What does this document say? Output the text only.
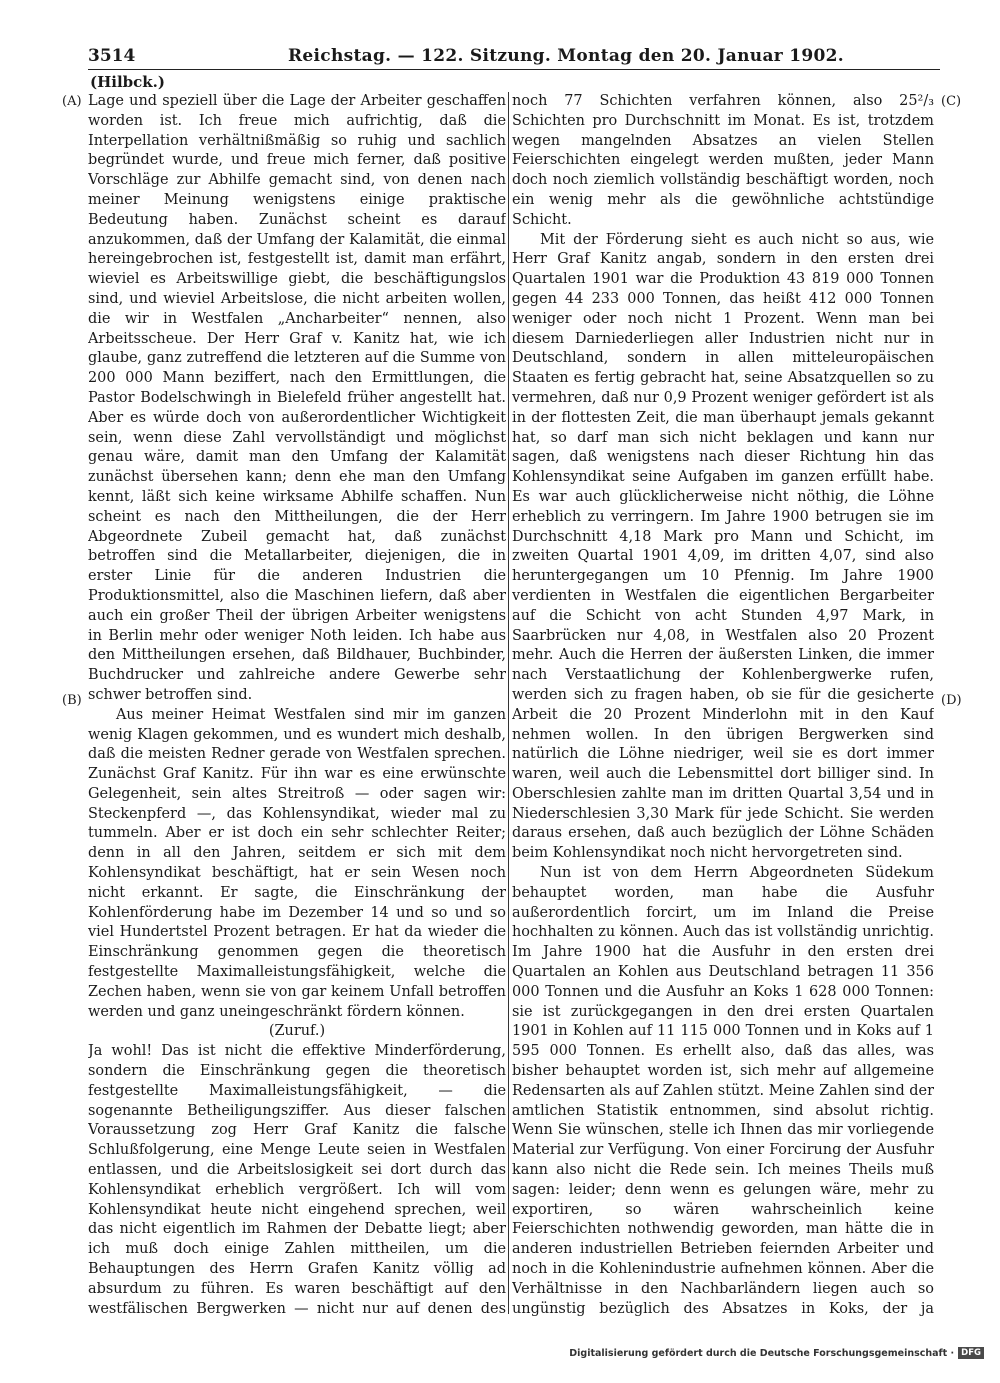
3514	Reichstag. — 122. Sitzung. Montag den 20. Januar 1902.
(Hilbck.)
(A)
(B)
(C)
(D)

Lage und speziell über die Lage der Arbeiter geschaffen worden ist. Ich freue mich aufrichtig, daß die Interpellation verhältnißmäßig so ruhig und sachlich begründet wurde, und freue mich ferner, daß positive Vorschläge zur Abhilfe gemacht sind, von denen nach meiner Meinung wenigstens einige praktische Bedeutung haben. Zunächst scheint es darauf anzukommen, daß der Umfang der Kalamität, die einmal hereingebrochen ist, festgestellt ist, damit man erfährt, wieviel es Arbeitswillige giebt, die beschäftigungslos sind, und wieviel Arbeitslose, die nicht arbeiten wollen, die wir in Westfalen „Ancharbeiter“ nennen, also Arbeitsscheue. Der Herr Graf v. Kanitz hat, wie ich glaube, ganz zutreffend die letzteren auf die Summe von 200 000 Mann beziffert, nach den Ermittlungen, die Pastor Bodelschwingh in Bielefeld früher angestellt hat. Aber es würde doch von außerordentlicher Wichtigkeit sein, wenn diese Zahl vervollständigt und möglichst genau wäre, damit man den Umfang der Kalamität zunächst übersehen kann; denn ehe man den Umfang kennt, läßt sich keine wirksame Abhilfe schaffen. Nun scheint es nach den Mittheilungen, die der Herr Abgeordnete Zubeil gemacht hat, daß zunächst betroffen sind die Metallarbeiter, diejenigen, die in erster Linie für die anderen Industrien die Produktionsmittel, also die Maschinen liefern, daß aber auch ein großer Theil der übrigen Arbeiter wenigstens in Berlin mehr oder weniger Noth leiden. Ich habe aus den Mittheilungen ersehen, daß Bildhauer, Buchbinder, Buchdrucker und zahlreiche andere Gewerbe sehr schwer betroffen sind.

Aus meiner Heimat Westfalen sind mir im ganzen wenig Klagen gekommen, und es wundert mich deshalb, daß die meisten Redner gerade von Westfalen sprechen. Zunächst Graf Kanitz. Für ihn war es eine erwünschte Gelegenheit, sein altes Streitroß — oder sagen wir: Steckenpferd —, das Kohlensyndikat, wieder mal zu tummeln. Aber er ist doch ein sehr schlechter Reiter; denn in all den Jahren, seitdem er sich mit dem Kohlensyndikat beschäftigt, hat er sein Wesen noch nicht erkannt. Er sagte, die Einschränkung der Kohlenförderung habe im Dezember 14 und so und so viel Hundertstel Prozent betragen. Er hat da wieder die Einschränkung genommen gegen die theoretisch festgestellte Maximalleistungsfähigkeit, welche die Zechen haben, wenn sie von gar keinem Unfall betroffen werden und ganz uneingeschränkt fördern können.

(Zuruf.)

Ja wohl! Das ist nicht die effektive Minderförderung, sondern die Einschränkung gegen die theoretisch festgestellte Maximalleistungsfähigkeit, — die sogenannte Betheiligungsziffer. Aus dieser falschen Voraussetzung zog Herr Graf Kanitz die falsche Schlußfolgerung, eine Menge Leute seien in Westfalen entlassen, und die Arbeitslosigkeit sei dort durch das Kohlensyndikat erheblich vergrößert. Ich will vom Kohlensyndikat heute nicht eingehend sprechen, weil das nicht eigentlich im Rahmen der Debatte liegt; aber ich muß doch einige Zahlen mittheilen, um die Behauptungen des Herrn Grafen Kanitz völlig ad absurdum zu führen. Es waren beschäftigt auf den westfälischen Bergwerken — nicht nur auf denen des

noch 77 Schichten verfahren können, also 25²/₃ Schichten pro Durchschnitt im Monat. Es ist, trotzdem wegen mangelnden Absatzes an vielen Stellen Feierschichten eingelegt werden mußten, jeder Mann doch noch ziemlich vollständig beschäftigt worden, noch ein wenig mehr als die gewöhnliche achtstündige Schicht.

Mit der Förderung sieht es auch nicht so aus, wie Herr Graf Kanitz angab, sondern in den ersten drei Quartalen 1901 war die Produktion 43 819 000 Tonnen gegen 44 233 000 Tonnen, das heißt 412 000 Tonnen weniger oder noch nicht 1 Prozent. Wenn man bei diesem Darniederliegen aller Industrien nicht nur in Deutschland, sondern in allen mitteleuropäischen Staaten es fertig gebracht hat, seine Absatzquellen so zu vermehren, daß nur 0,9 Prozent weniger gefördert ist als in der flottesten Zeit, die man überhaupt jemals gekannt hat, so darf man sich nicht beklagen und kann nur sagen, daß wenigstens nach dieser Richtung hin das Kohlensyndikat seine Aufgaben im ganzen erfüllt habe. Es war auch glücklicherweise nicht nöthig, die Löhne erheblich zu verringern. Im Jahre 1900 betrugen sie im Durchschnitt 4,18 Mark pro Mann und Schicht, im zweiten Quartal 1901 4,09, im dritten 4,07, sind also heruntergegangen um 10 Pfennig. Im Jahre 1900 verdienten in Westfalen die eigentlichen Bergarbeiter auf die Schicht von acht Stunden 4,97 Mark, in Saarbrücken nur 4,08, in Westfalen also 20 Prozent mehr. Auch die Herren der äußersten Linken, die immer nach Verstaatlichung der Kohlenbergwerke rufen, werden sich zu fragen haben, ob sie für die gesicherte Arbeit die 20 Prozent Minderlohn mit in den Kauf nehmen wollen. In den übrigen Bergwerken sind natürlich die Löhne niedriger, weil sie es dort immer waren, weil auch die Lebensmittel dort billiger sind. In Oberschlesien zahlte man im dritten Quartal 3,54 und in Niederschlesien 3,30 Mark für jede Schicht. Sie werden daraus ersehen, daß auch bezüglich der Löhne Schäden beim Kohlensyndikat noch nicht hervorgetreten sind.

Nun ist von dem Herrn Abgeordneten Südekum behauptet worden, man habe die Ausfuhr außerordentlich forcirt, um im Inland die Preise hochhalten zu können. Auch das ist vollständig unrichtig. Im Jahre 1900 hat die Ausfuhr in den ersten drei Quartalen an Kohlen aus Deutschland betragen 11 356 000 Tonnen und die Ausfuhr an Koks 1 628 000 Tonnen: sie ist zurückgegangen in den drei ersten Quartalen 1901 in Kohlen auf 11 115 000 Tonnen und in Koks auf 1 595 000 Tonnen. Es erhellt also, daß das alles, was bisher behauptet worden ist, sich mehr auf allgemeine Redensarten als auf Zahlen stützt. Meine Zahlen sind der amtlichen Statistik entnommen, sind absolut richtig. Wenn Sie wünschen, stelle ich Ihnen das mir vorliegende Material zur Verfügung. Von einer Forcirung der Ausfuhr kann also nicht die Rede sein. Ich meines Theils muß sagen: leider; denn wenn es gelungen wäre, mehr zu exportiren, so wären wahrscheinlich keine Feierschichten nothwendig geworden, man hätte die in anderen industriellen Betrieben feiernden Arbeiter und noch in die Kohlenindustrie aufnehmen können. Aber die Verhältnisse in den Nachbarländern liegen auch so ungünstig bezüglich des Absatzes in Koks, der ja

Digitalisierung gefördert durch die Deutsche Forschungsgemeinschaft · DFG
